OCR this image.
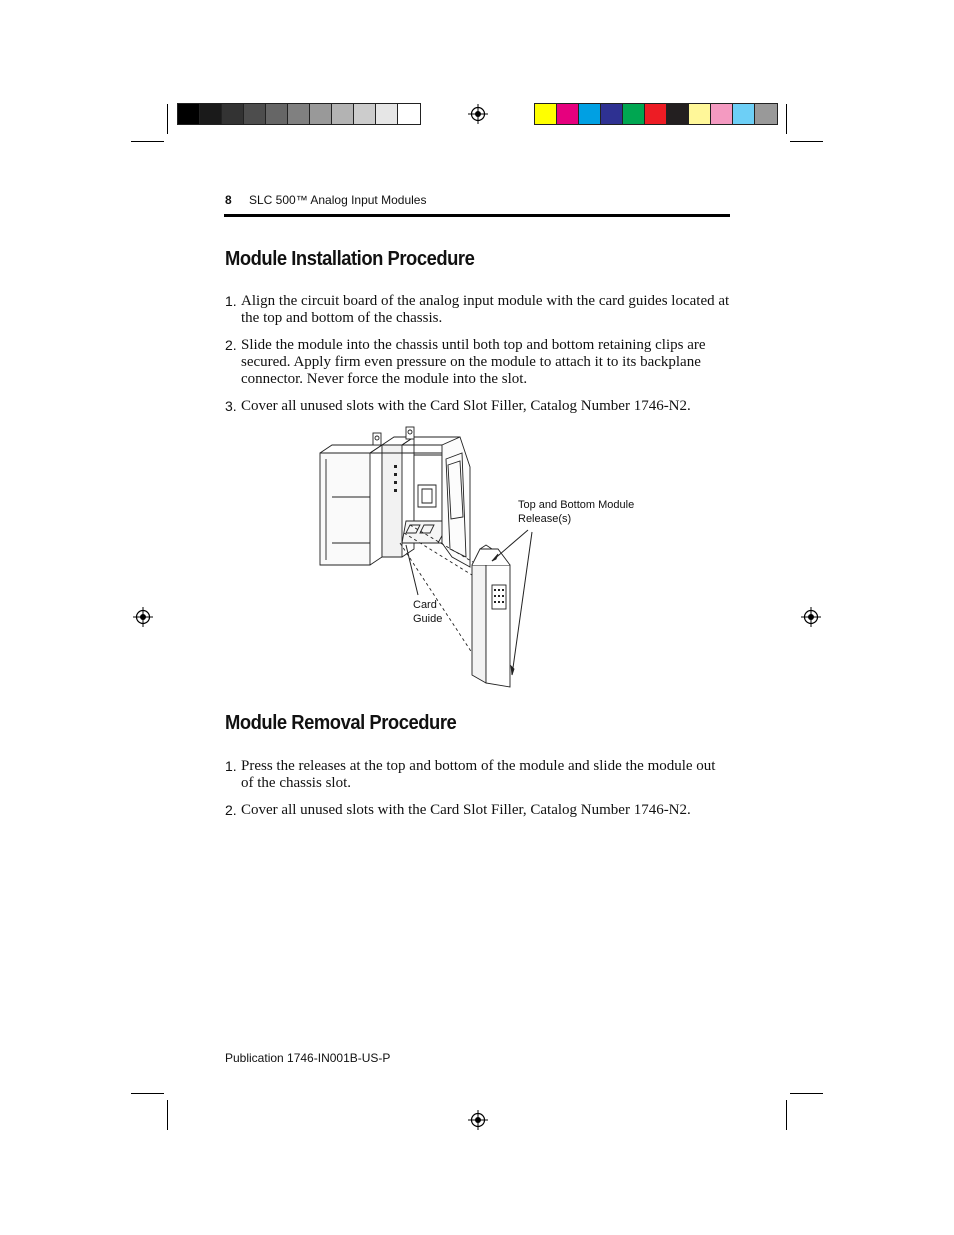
8 SLC 500™ Analog Input Modules
Module Installation Procedure
1. Align the circuit board of the analog input module with the card guides located at the top and bottom of the chassis.
2. Slide the module into the chassis until both top and bottom retaining clips are secured. Apply firm even pressure on the module to attach it to its backplane connector. Never force the module into the slot.
3. Cover all unused slots with the Card Slot Filler, Catalog Number 1746-N2.
Top and Bottom Module
Release(s)
Card
Guide
Module Removal Procedure
1. Press the releases at the top and bottom of the module and slide the module out of the chassis slot.
2. Cover all unused slots with the Card Slot Filler, Catalog Number 1746-N2.
Publication 1746-IN001B-US-P
